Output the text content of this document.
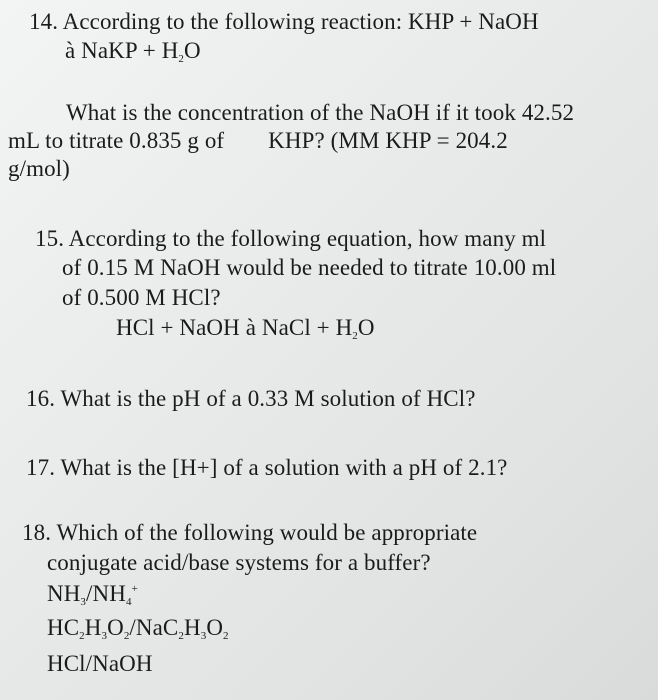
14. According to the following reaction: KHP + NaOH
à NaKP + $H_2O$
What is the concentration of the NaOH if it took 42.52
mL to titrate 0.835 g of KHP? (MM KHP = 204.2
g/mol)
15. According to the following equation, how many ml
of 0.15 M NaOH would be needed to titrate 10.00 ml
of 0.500 M HCl?
HCl + NaOH à NaCl + $H_2O$
16. What is the pH of a 0.33 M solution of HCl?
17. What is the [H+] of a solution with a pH of 2.1?
18. Which of the following would be appropriate
conjugate acid/base systems for a buffer?
$NH_3/NH_4^+$
$HC_2H_3O_2/NaC_2H_3O_2$
HCl/NaOH
